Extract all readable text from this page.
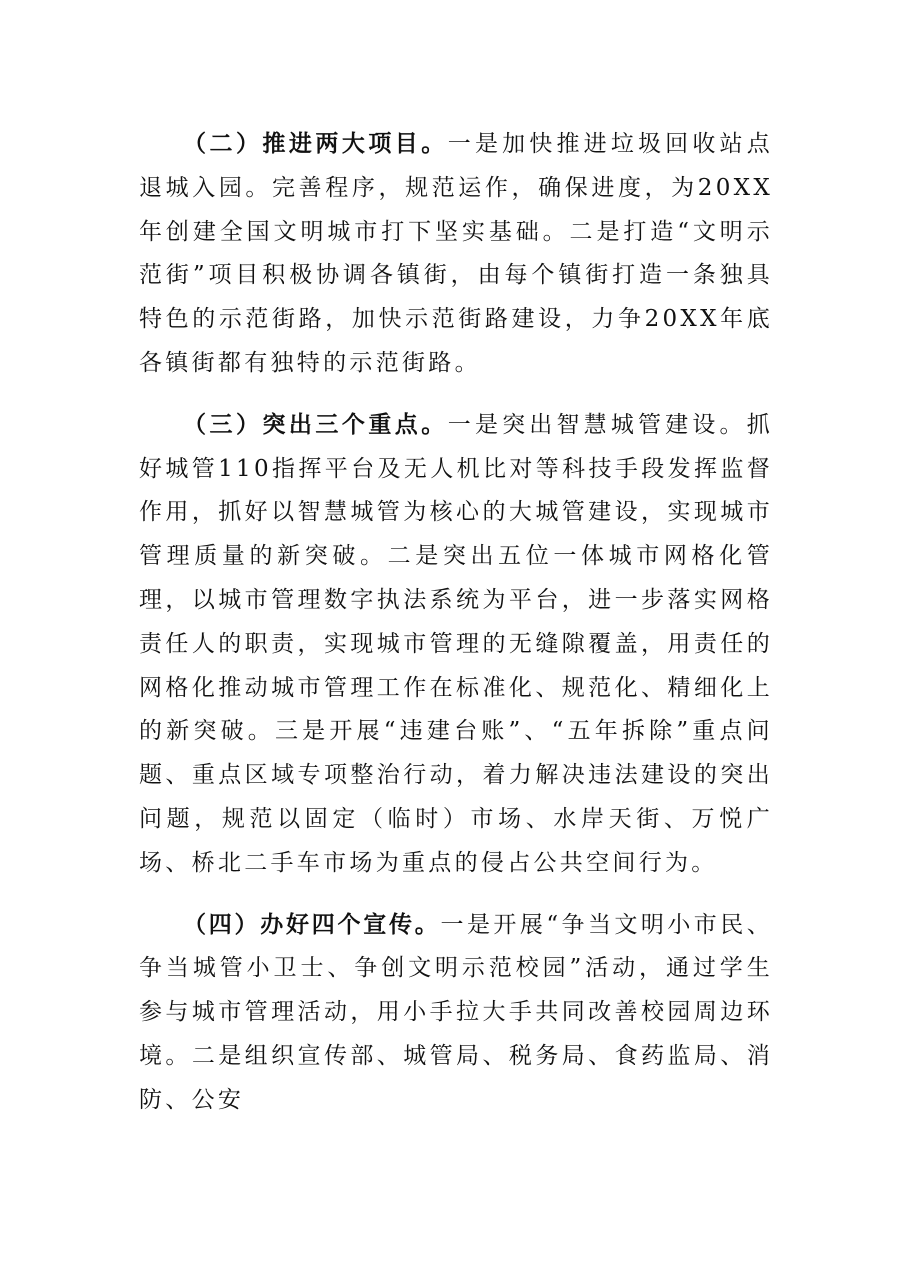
（二）推进两大项目。一是加快推进垃圾回收站点退城入园。完善程序，规范运作，确保进度，为20XX年创建全国文明城市打下坚实基础。二是打造“文明示范街”项目积极协调各镇街，由每个镇街打造一条独具特色的示范街路，加快示范街路建设，力争20XX年底各镇街都有独特的示范街路。

（三）突出三个重点。一是突出智慧城管建设。抓好城管110指挥平台及无人机比对等科技手段发挥监督作用，抓好以智慧城管为核心的大城管建设，实现城市管理质量的新突破。二是突出五位一体城市网格化管理，以城市管理数字执法系统为平台，进一步落实网格责任人的职责，实现城市管理的无缝隙覆盖，用责任的网格化推动城市管理工作在标准化、规范化、精细化上的新突破。三是开展“违建台账”、“五年拆除”重点问题、重点区域专项整治行动，着力解决违法建设的突出问题，规范以固定（临时）市场、水岸天街、万悦广场、桥北二手车市场为重点的侵占公共空间行为。

（四）办好四个宣传。一是开展“争当文明小市民、争当城管小卫士、争创文明示范校园”活动，通过学生参与城市管理活动，用小手拉大手共同改善校园周边环境。二是组织宣传部、城管局、税务局、食药监局、消防、公安
